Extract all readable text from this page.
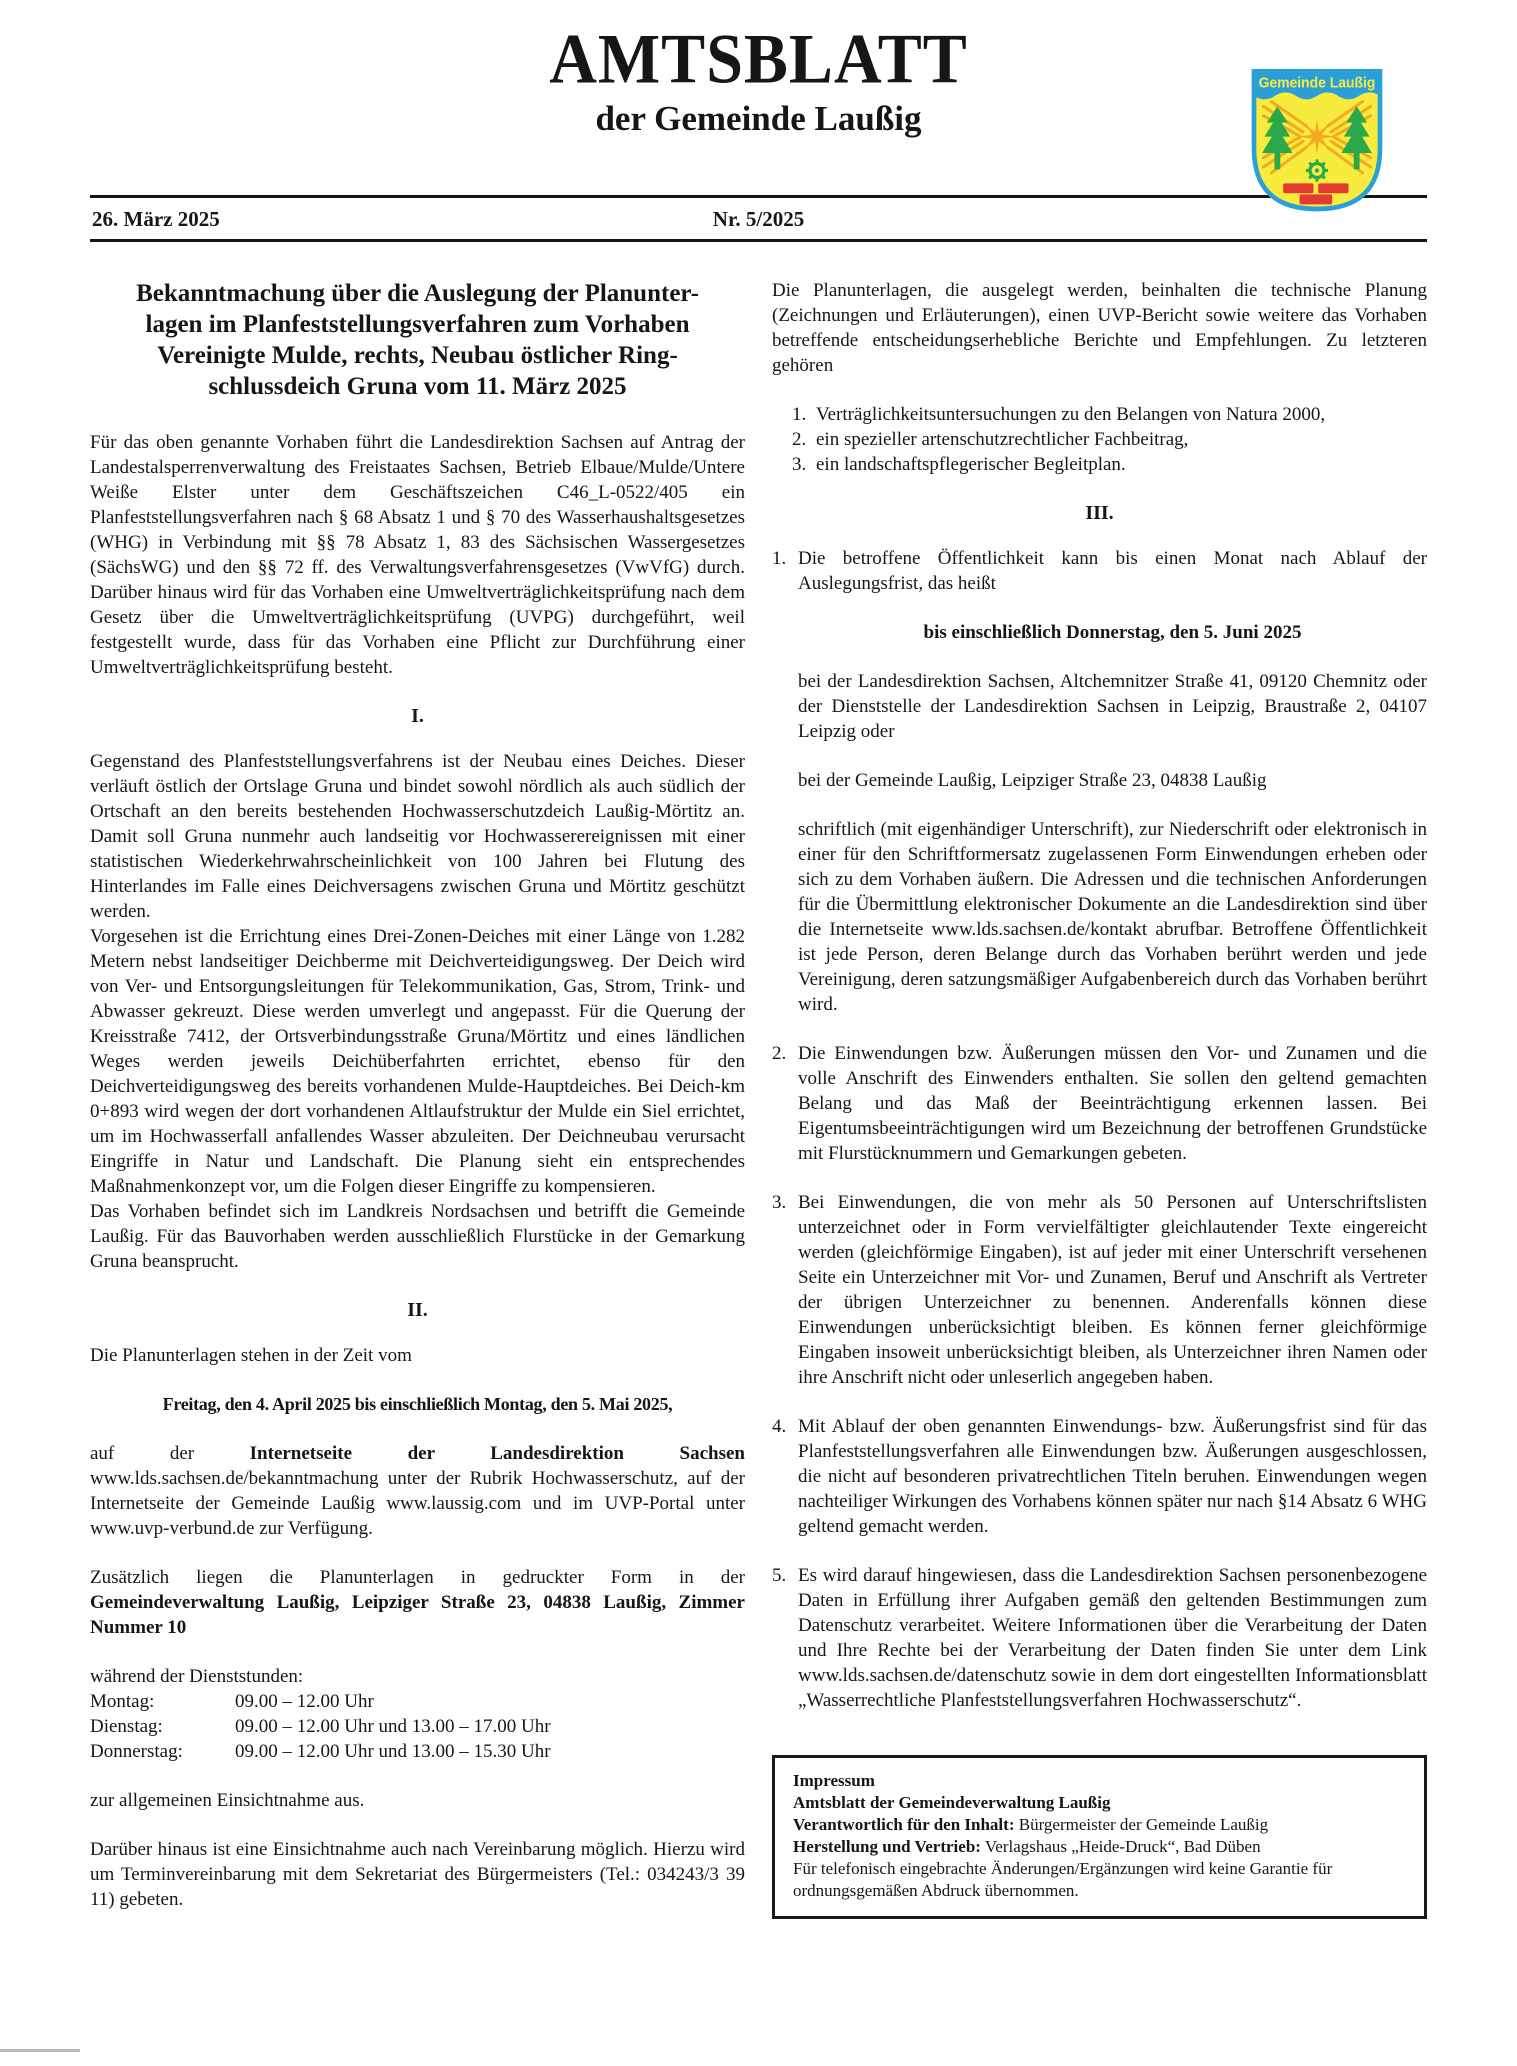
AMTSBLATT
der Gemeinde Laußig
Gemeinde Laußig
26. März 2025	Nr. 5/2025
Bekanntmachung über die Auslegung der Planunter-
lagen im Planfeststellungsverfahren zum Vorhaben
Vereinigte Mulde, rechts, Neubau östlicher Ring-
schlussdeich Gruna vom 11. März 2025

Für das oben genannte Vorhaben führt die Landesdirektion Sachsen auf Antrag der Landestalsperrenverwaltung des Freistaates Sachsen, Betrieb Elbaue/Mulde/Untere Weiße Elster unter dem Geschäftszeichen C46_L-0522/405 ein Planfeststellungsverfahren nach § 68 Absatz 1 und § 70 des Wasserhaushaltsgesetzes (WHG) in Verbindung mit §§ 78 Absatz 1, 83 des Sächsischen Wassergesetzes (SächsWG) und den §§ 72 ff. des Verwaltungsverfahrensgesetzes (VwVfG) durch. Darüber hinaus wird für das Vorhaben eine Umweltverträglichkeitsprüfung nach dem Gesetz über die Umweltverträglichkeitsprüfung (UVPG) durchgeführt, weil festgestellt wurde, dass für das Vorhaben eine Pflicht zur Durchführung einer Umweltverträglichkeitsprüfung besteht.

I.

Gegenstand des Planfeststellungsverfahrens ist der Neubau eines Deiches. Dieser verläuft östlich der Ortslage Gruna und bindet sowohl nördlich als auch südlich der Ortschaft an den bereits bestehenden Hochwasserschutzdeich Laußig-Mörtitz an. Damit soll Gruna nunmehr auch landseitig vor Hochwasserereignissen mit einer statistischen Wiederkehrwahrscheinlichkeit von 100 Jahren bei Flutung des Hinterlandes im Falle eines Deichversagens zwischen Gruna und Mörtitz geschützt werden.

Vorgesehen ist die Errichtung eines Drei-Zonen-Deiches mit einer Länge von 1.282 Metern nebst landseitiger Deichberme mit Deichverteidigungsweg. Der Deich wird von Ver- und Entsorgungsleitungen für Telekommunikation, Gas, Strom, Trink- und Abwasser gekreuzt. Diese werden umverlegt und angepasst. Für die Querung der Kreisstraße 7412, der Ortsverbindungsstraße Gruna/Mörtitz und eines ländlichen Weges werden jeweils Deichüberfahrten errichtet, ebenso für den Deichverteidigungsweg des bereits vorhandenen Mulde-Hauptdeiches. Bei Deich-km 0+893 wird wegen der dort vorhandenen Altlaufstruktur der Mulde ein Siel errichtet, um im Hochwasserfall anfallendes Wasser abzuleiten. Der Deichneubau verursacht Eingriffe in Natur und Landschaft. Die Planung sieht ein entsprechendes Maßnahmenkonzept vor, um die Folgen dieser Eingriffe zu kompensieren.

Das Vorhaben befindet sich im Landkreis Nordsachsen und betrifft die Gemeinde Laußig. Für das Bauvorhaben werden ausschließlich Flurstücke in der Gemarkung Gruna beansprucht.

II.

Die Planunterlagen stehen in der Zeit vom

Freitag, den 4. April 2025 bis einschließlich Montag, den 5. Mai 2025,

auf der Internetseite der Landesdirektion Sachsen www.lds.sachsen.de/bekanntmachung unter der Rubrik Hochwasserschutz, auf der Internetseite der Gemeinde Laußig www.laussig.com und im UVP-Portal unter www.uvp-verbund.de zur Verfügung.

Zusätzlich liegen die Planunterlagen in gedruckter Form in der Gemeindeverwaltung Laußig, Leipziger Straße 23, 04838 Laußig, Zimmer Nummer 10

während der Dienststunden:

Montag:	09.00 – 12.00 Uhr
Dienstag:	09.00 – 12.00 Uhr und 13.00 – 17.00 Uhr
Donnerstag:	09.00 – 12.00 Uhr und 13.00 – 15.30 Uhr

zur allgemeinen Einsichtnahme aus.

Darüber hinaus ist eine Einsichtnahme auch nach Vereinbarung möglich. Hierzu wird um Terminvereinbarung mit dem Sekretariat des Bürgermeisters (Tel.: 034243/3 39 11) gebeten.

Die Planunterlagen, die ausgelegt werden, beinhalten die technische Planung (Zeichnungen und Erläuterungen), einen UVP-Bericht sowie weitere das Vorhaben betreffende entscheidungserhebliche Berichte und Empfehlungen. Zu letzteren gehören

1. Verträglichkeitsuntersuchungen zu den Belangen von Natura 2000,
2. ein spezieller artenschutzrechtlicher Fachbeitrag,
3. ein landschaftspflegerischer Begleitplan.
III.
1. Die betroffene Öffentlichkeit kann bis einen Monat nach Ablauf der Auslegungsfrist, das heißt

bis einschließlich Donnerstag, den 5. Juni 2025

bei der Landesdirektion Sachsen, Altchemnitzer Straße 41, 09120 Chemnitz oder der Dienststelle der Landesdirektion Sachsen in Leipzig, Braustraße 2, 04107 Leipzig oder

bei der Gemeinde Laußig, Leipziger Straße 23, 04838 Laußig

schriftlich (mit eigenhändiger Unterschrift), zur Niederschrift oder elektronisch in einer für den Schriftformersatz zugelassenen Form Einwendungen erheben oder sich zu dem Vorhaben äußern. Die Adressen und die technischen Anforderungen für die Übermittlung elektronischer Dokumente an die Landesdirektion sind über die Internetseite www.lds.sachsen.de/kontakt abrufbar. Betroffene Öffentlichkeit ist jede Person, deren Belange durch das Vorhaben berührt werden und jede Vereinigung, deren satzungsmäßiger Aufgabenbereich durch das Vorhaben berührt wird.

2. Die Einwendungen bzw. Äußerungen müssen den Vor- und Zunamen und die volle Anschrift des Einwenders enthalten. Sie sollen den geltend gemachten Belang und das Maß der Beeinträchtigung erkennen lassen. Bei Eigentumsbeeinträchtigungen wird um Bezeichnung der betroffenen Grundstücke mit Flurstücknummern und Gemarkungen gebeten.

3. Bei Einwendungen, die von mehr als 50 Personen auf Unterschriftslisten unterzeichnet oder in Form vervielfältigter gleichlautender Texte eingereicht werden (gleichförmige Eingaben), ist auf jeder mit einer Unterschrift versehenen Seite ein Unterzeichner mit Vor- und Zunamen, Beruf und Anschrift als Vertreter der übrigen Unterzeichner zu benennen. Anderenfalls können diese Einwendungen unberücksichtigt bleiben. Es können ferner gleichförmige Eingaben insoweit unberücksichtigt bleiben, als Unterzeichner ihren Namen oder ihre Anschrift nicht oder unleserlich angegeben haben.

4. Mit Ablauf der oben genannten Einwendungs- bzw. Äußerungsfrist sind für das Planfeststellungsverfahren alle Einwendungen bzw. Äußerungen ausgeschlossen, die nicht auf besonderen privatrechtlichen Titeln beruhen. Einwendungen wegen nachteiliger Wirkungen des Vorhabens können später nur nach §14 Absatz 6 WHG geltend gemacht werden.

5. Es wird darauf hingewiesen, dass die Landesdirektion Sachsen personenbezogene Daten in Erfüllung ihrer Aufgaben gemäß den geltenden Bestimmungen zum Datenschutz verarbeitet. Weitere Informationen über die Verarbeitung der Daten und Ihre Rechte bei der Verarbeitung der Daten finden Sie unter dem Link www.lds.sachsen.de/datenschutz sowie in dem dort eingestellten Informationsblatt „Wasserrechtliche Planfeststellungsverfahren Hochwasserschutz“.

Impressum
Amtsblatt der Gemeindeverwaltung Laußig
Verantwortlich für den Inhalt: Bürgermeister der Gemeinde Laußig
Herstellung und Vertrieb: Verlagshaus „Heide-Druck“, Bad Düben
Für telefonisch eingebrachte Änderungen/Ergänzungen wird keine Garantie für ordnungsgemäßen Abdruck übernommen.
